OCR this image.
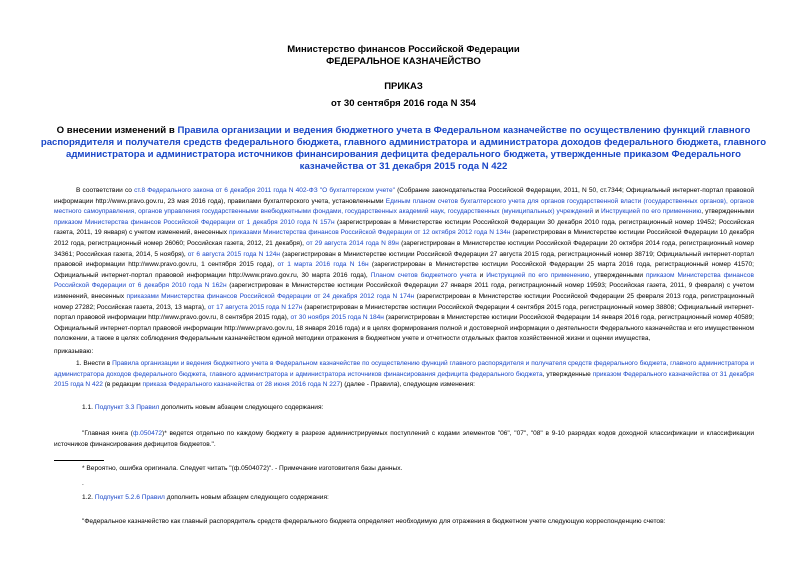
Министерство финансов Российской Федерации
ФЕДЕРАЛЬНОЕ КАЗНАЧЕЙСТВО
ПРИКАЗ
от 30 сентября 2016 года N 354
О внесении изменений в Правила организации и ведения бюджетного учета в Федеральном казначействе по осуществлению функций главного распорядителя и получателя средств федерального бюджета, главного администратора и администратора доходов федерального бюджета, главного администратора и администратора источников финансирования дефицита федерального бюджета, утвержденные приказом Федерального казначейства от 31 декабря 2015 года N 422
В соответствии со ст.8 Федерального закона от 6 декабря 2011 года N 402-ФЗ "О бухгалтерском учете" (Собрание законодательства Российской Федерации, 2011, N 50, ст.7344; Официальный интернет-портал правовой информации http://www.pravo.gov.ru, 23 мая 2016 года), правилами бухгалтерского учета, установленными Единым планом счетов бухгалтерского учета для органов государственной власти (государственных органов), органов местного самоуправления, органов управления государственными внебюджетными фондами, государственных академий наук, государственных (муниципальных) учреждений и Инструкцией по его применению, утвержденными приказом Министерства финансов Российской Федерации от 1 декабря 2010 года N 157н (зарегистрирован в Министерстве юстиции Российской Федерации 30 декабря 2010 года, регистрационный номер 19452; Российская газета, 2011, 19 января) с учетом изменений, внесенных приказами Министерства финансов Российской Федерации от 12 октября 2012 года N 134н (зарегистрирован в Министерстве юстиции Российской Федерации 10 декабря 2012 года, регистрационный номер 26060; Российская газета, 2012, 21 декабря), от 29 августа 2014 года N 89н (зарегистрирован в Министерстве юстиции Российской Федерации 20 октября 2014 года, регистрационный номер 34361; Российская газета, 2014, 5 ноября), от 6 августа 2015 года N 124н (зарегистрирован в Министерстве юстиции Российской Федерации 27 августа 2015 года, регистрационный номер 38719; Официальный интернет-портал правовой информации http://www.pravo.gov.ru, 1 сентября 2015 года), от 1 марта 2016 года N 16н (зарегистрирован в Министерстве юстиции Российской Федерации 25 марта 2016 года, регистрационный номер 41570; Официальный интернет-портал правовой информации http://www.pravo.gov.ru, 30 марта 2016 года), Планом счетов бюджетного учета и Инструкцией по его применению, утвержденными приказом Министерства финансов Российской Федерации от 6 декабря 2010 года N 162н (зарегистрирован в Министерстве юстиции Российской Федерации 27 января 2011 года, регистрационный номер 19593; Российская газета, 2011, 9 февраля) с учетом изменений, внесенных приказами Министерства финансов Российской Федерации от 24 декабря 2012 года N 174н (зарегистрирован в Министерстве юстиции Российской Федерации 25 февраля 2013 года, регистрационный номер 27282; Российская газета, 2013, 13 марта), от 17 августа 2015 года N 127н (зарегистрирован в Министерстве юстиции Российской Федерации 4 сентября 2015 года, регистрационный номер 38808; Официальный интернет-портал правовой информации http://www.pravo.gov.ru, 8 сентября 2015 года), от 30 ноября 2015 года N 184н (зарегистрирован в Министерстве юстиции Российской Федерации 14 января 2016 года, регистрационный номер 40589; Официальный интернет-портал правовой информации http://www.pravo.gov.ru, 18 января 2016 года) и в целях формирования полной и достоверной информации о деятельности Федерального казначейства и его имущественном положении, а также в целях соблюдения Федеральным казначейством единой методики отражения в бюджетном учете и отчетности отдельных фактов хозяйственной жизни и оценки имущества,
приказываю:
1. Внести в Правила организации и ведения бюджетного учета в Федеральном казначействе по осуществлению функций главного распорядителя и получателя средств федерального бюджета, главного администратора и администратора доходов федерального бюджета, главного администратора и администратора источников финансирования дефицита федерального бюджета, утвержденные приказом Федерального казначейства от 31 декабря 2015 года N 422 (в редакции приказа Федерального казначейства от 28 июня 2016 года N 227) (далее - Правила), следующие изменения:
1.1. Подпункт 3.3 Правил дополнить новым абзацем следующего содержания:
"Главная книга (ф.050472)* ведется отдельно по каждому бюджету в разрезе администрируемых поступлений с кодами элементов "06", "07", "08" в 9-10 разрядах кодов доходной классификации и классификации источников финансирования дефицитов бюджетов.".
* Вероятно, ошибка оригинала. Следует читать "(ф.0504072)". - Примечание изготовителя базы данных.
.
1.2. Подпункт 5.2.6 Правил дополнить новым абзацем следующего содержания:
"Федеральное казначейство как главный распорядитель средств федерального бюджета определяет необходимую для отражения в бюджетном учете следующую корреспонденцию счетов:
